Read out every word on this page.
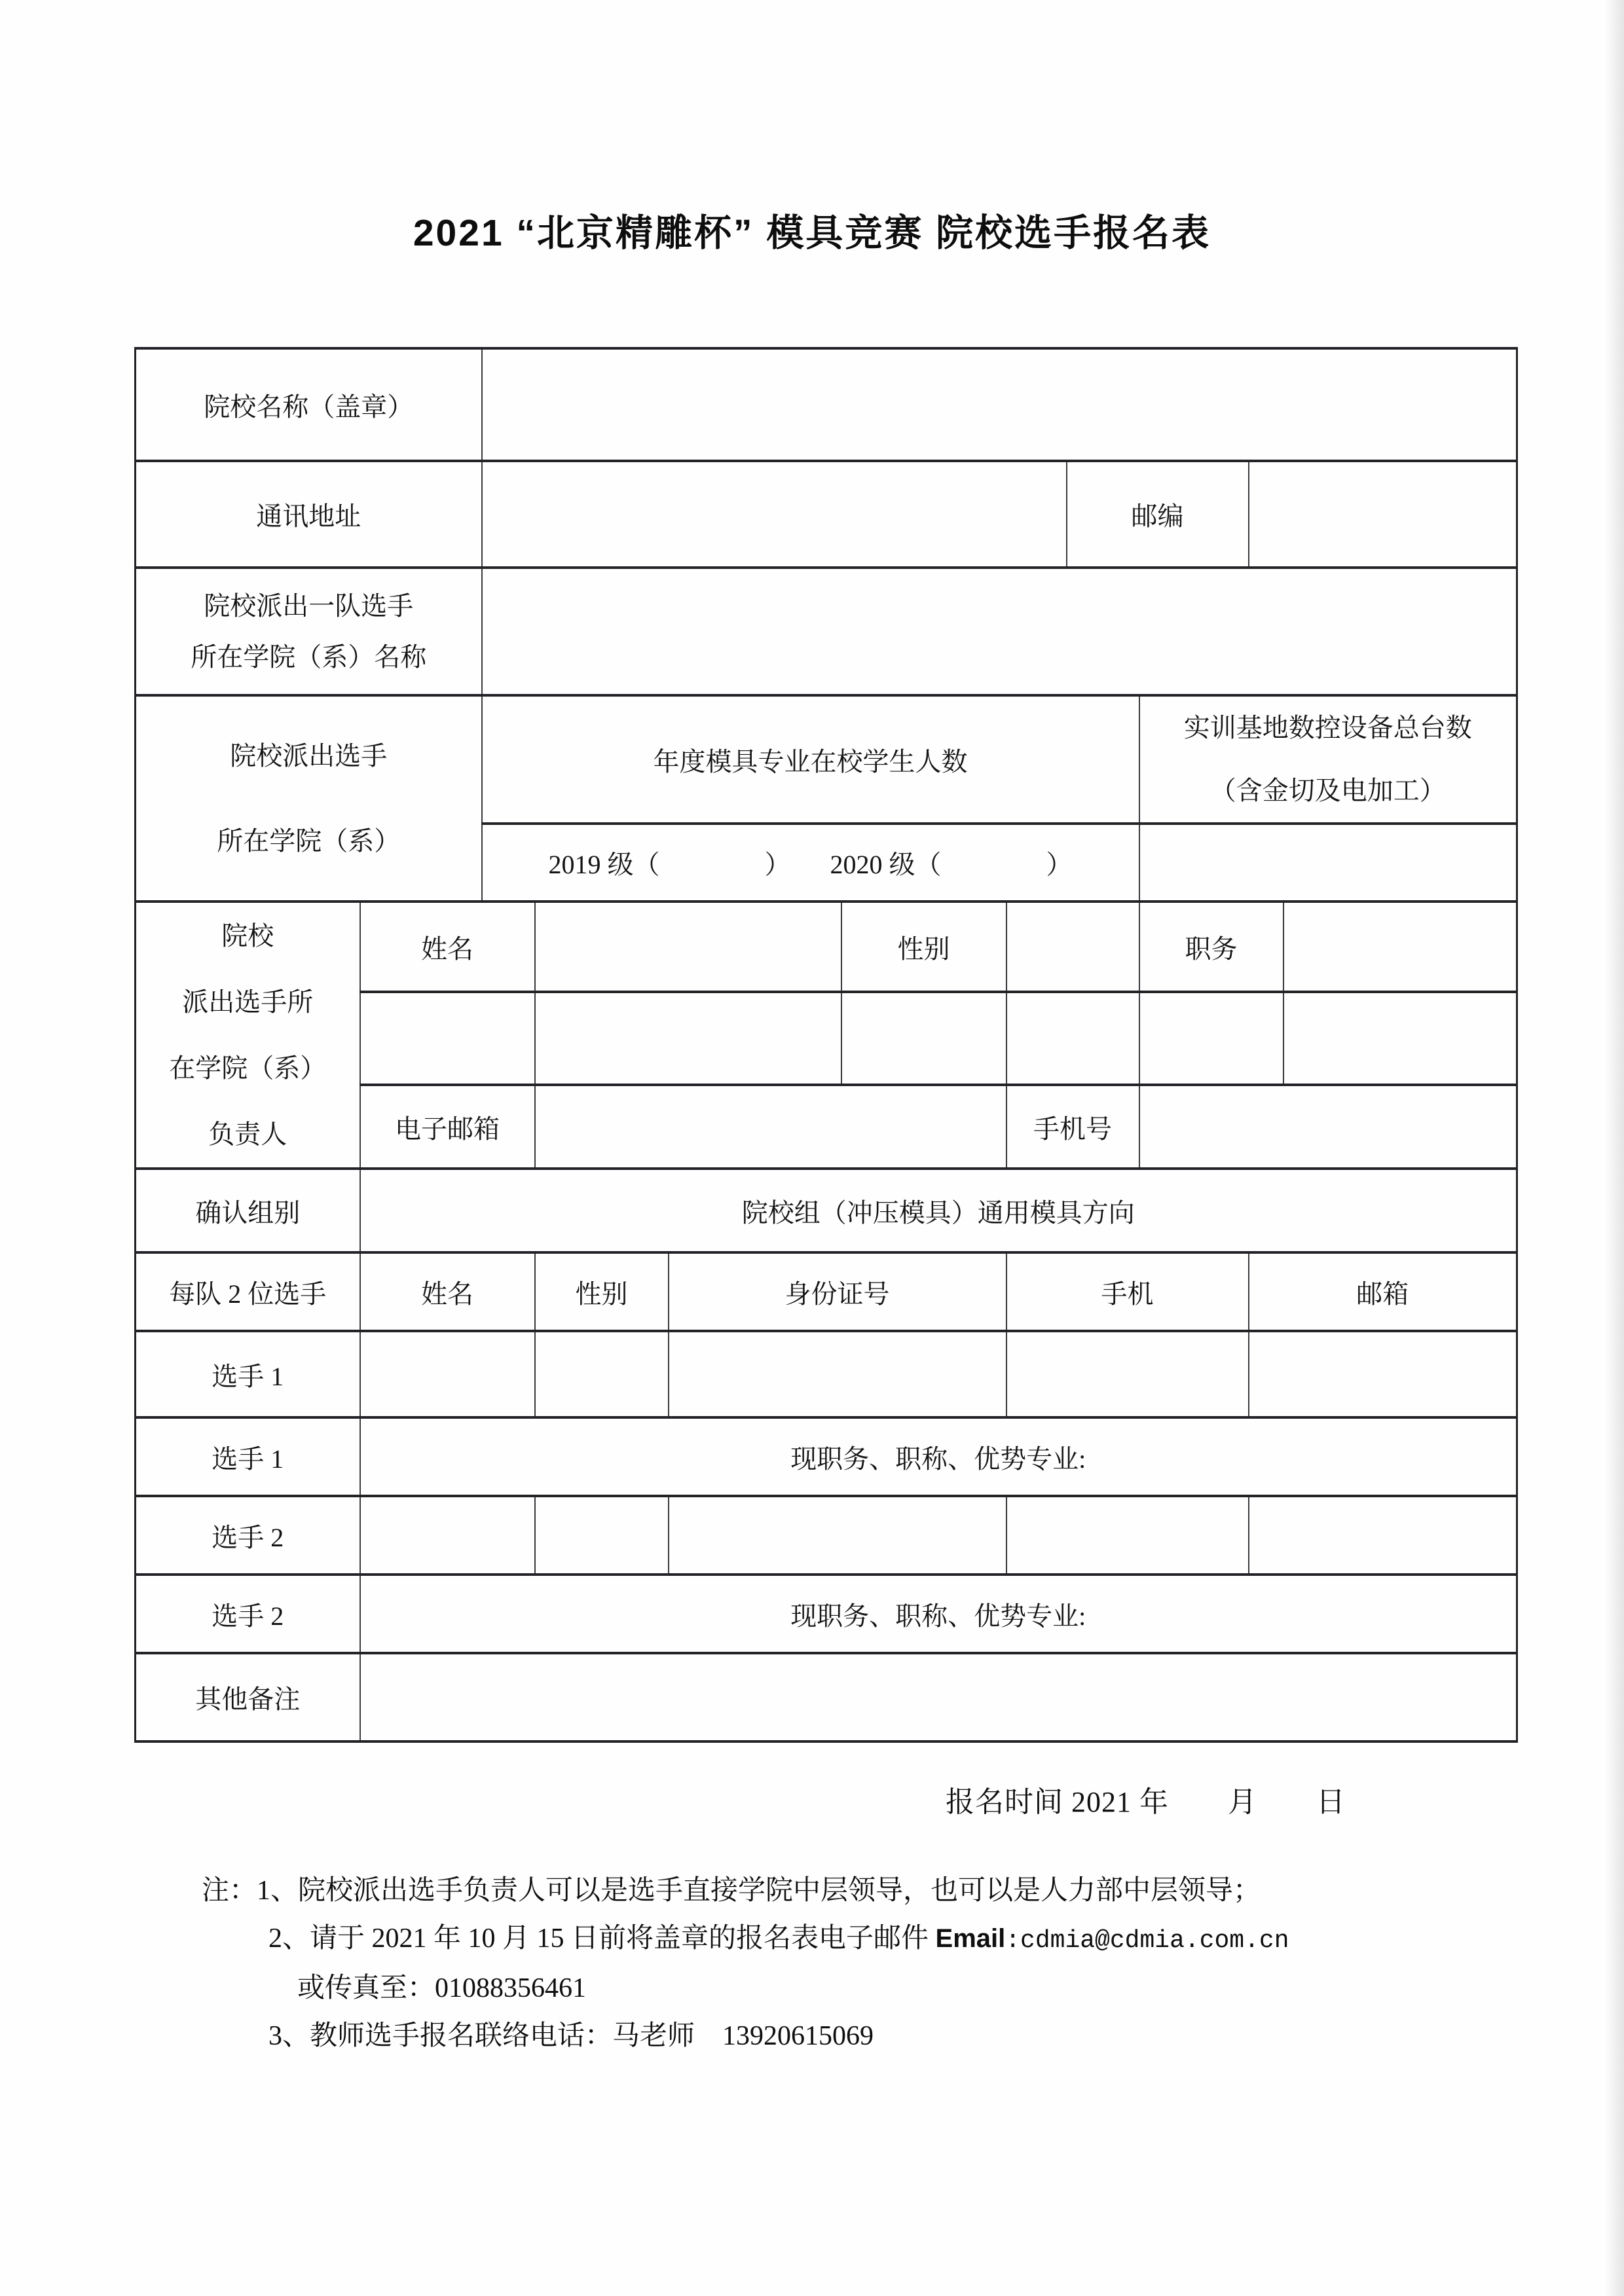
2021 “北京精雕杯” 模具竞赛 院校选手报名表
院校名称（盖章）										
通讯地址							邮编			

院校派出一队选手
所在学院（系）名称										

院校派出选手
所在学院（系）		年度模具专业在校学生人数						实训基地数控设备总台数
（含金切及电加工）		

		2019 级（　　　　）　　2020 级（　　　　）								

院校
派出选手所
在学院（系）
负责人	姓名				性别			职务		

	电子邮箱					手机号				
确认组别	院校组（冲压模具）通用模具方向									
每队 2 位选手	姓名		性别	身份证号		手机			邮箱	
选手 1										
选手 1	现职务、职称、优势专业:									
选手 2										
选手 2	现职务、职称、优势专业:									
其他备注										
报名时间 2021 年　　月　　日
注：1、院校派出选手负责人可以是选手直接学院中层领导，也可以是人力部中层领导；
2、请于 2021 年 10 月 15 日前将盖章的报名表电子邮件 Email:cdmia@cdmia.com.cn
或传真至：01088356461
3、教师选手报名联络电话：马老师　13920615069
